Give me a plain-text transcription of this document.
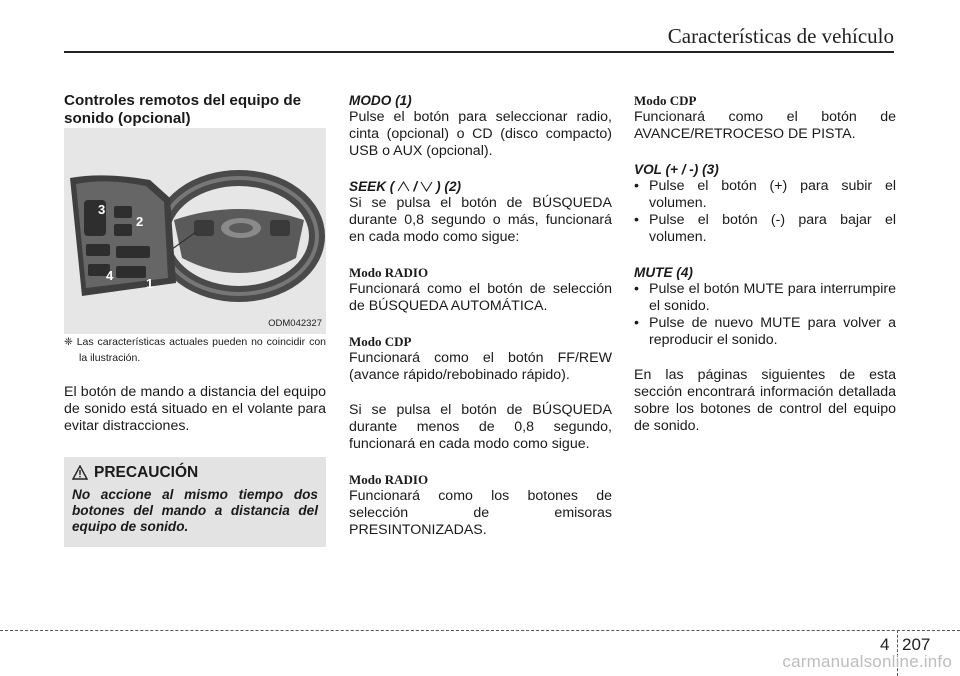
Características de vehículo

Controles remotos del equipo de sonido (opcional)

3
2
4
1
ODM042327

❈ Las características actuales pueden no coincidir con la ilustración.

El botón de mando a distancia del equipo de sonido está situado en el volante para evitar distracciones.

PRECAUCIÓN
No accione al mismo tiempo dos botones del mando a distancia del equipo de sonido.

MODO (1)

Pulse el botón para seleccionar radio, cinta (opcional) o CD (disco compacto) USB o AUX (opcional).

SEEK ( / ) (2)

Si se pulsa el botón de BÚSQUEDA durante 0,8 segundo o más, funcionará en cada modo como sigue:

Modo RADIO

Funcionará como el botón de selección de BÚSQUEDA AUTOMÁTICA.

Modo CDP

Funcionará como el botón FF/REW (avance rápido/rebobinado rápido).

Si se pulsa el botón de BÚSQUEDA durante menos de 0,8 segundo, funcionará en cada modo como sigue.

Modo RADIO

Funcionará como los botones de selección de emisoras PRESINTONIZADAS.

Modo CDP

Funcionará como el botón de AVANCE/RETROCESO DE PISTA.

VOL (+ / -) (3)

• Pulse el botón (+) para subir el volumen.
• Pulse el botón (-) para bajar el volumen.

MUTE (4)

• Pulse el botón MUTE para interrumpire el sonido.
• Pulse de nuevo MUTE para volver a reproducir el sonido.

En las páginas siguientes de esta sección encontrará información detallada sobre los botones de control del equipo de sonido.

4 207
carmanualsonline.info
